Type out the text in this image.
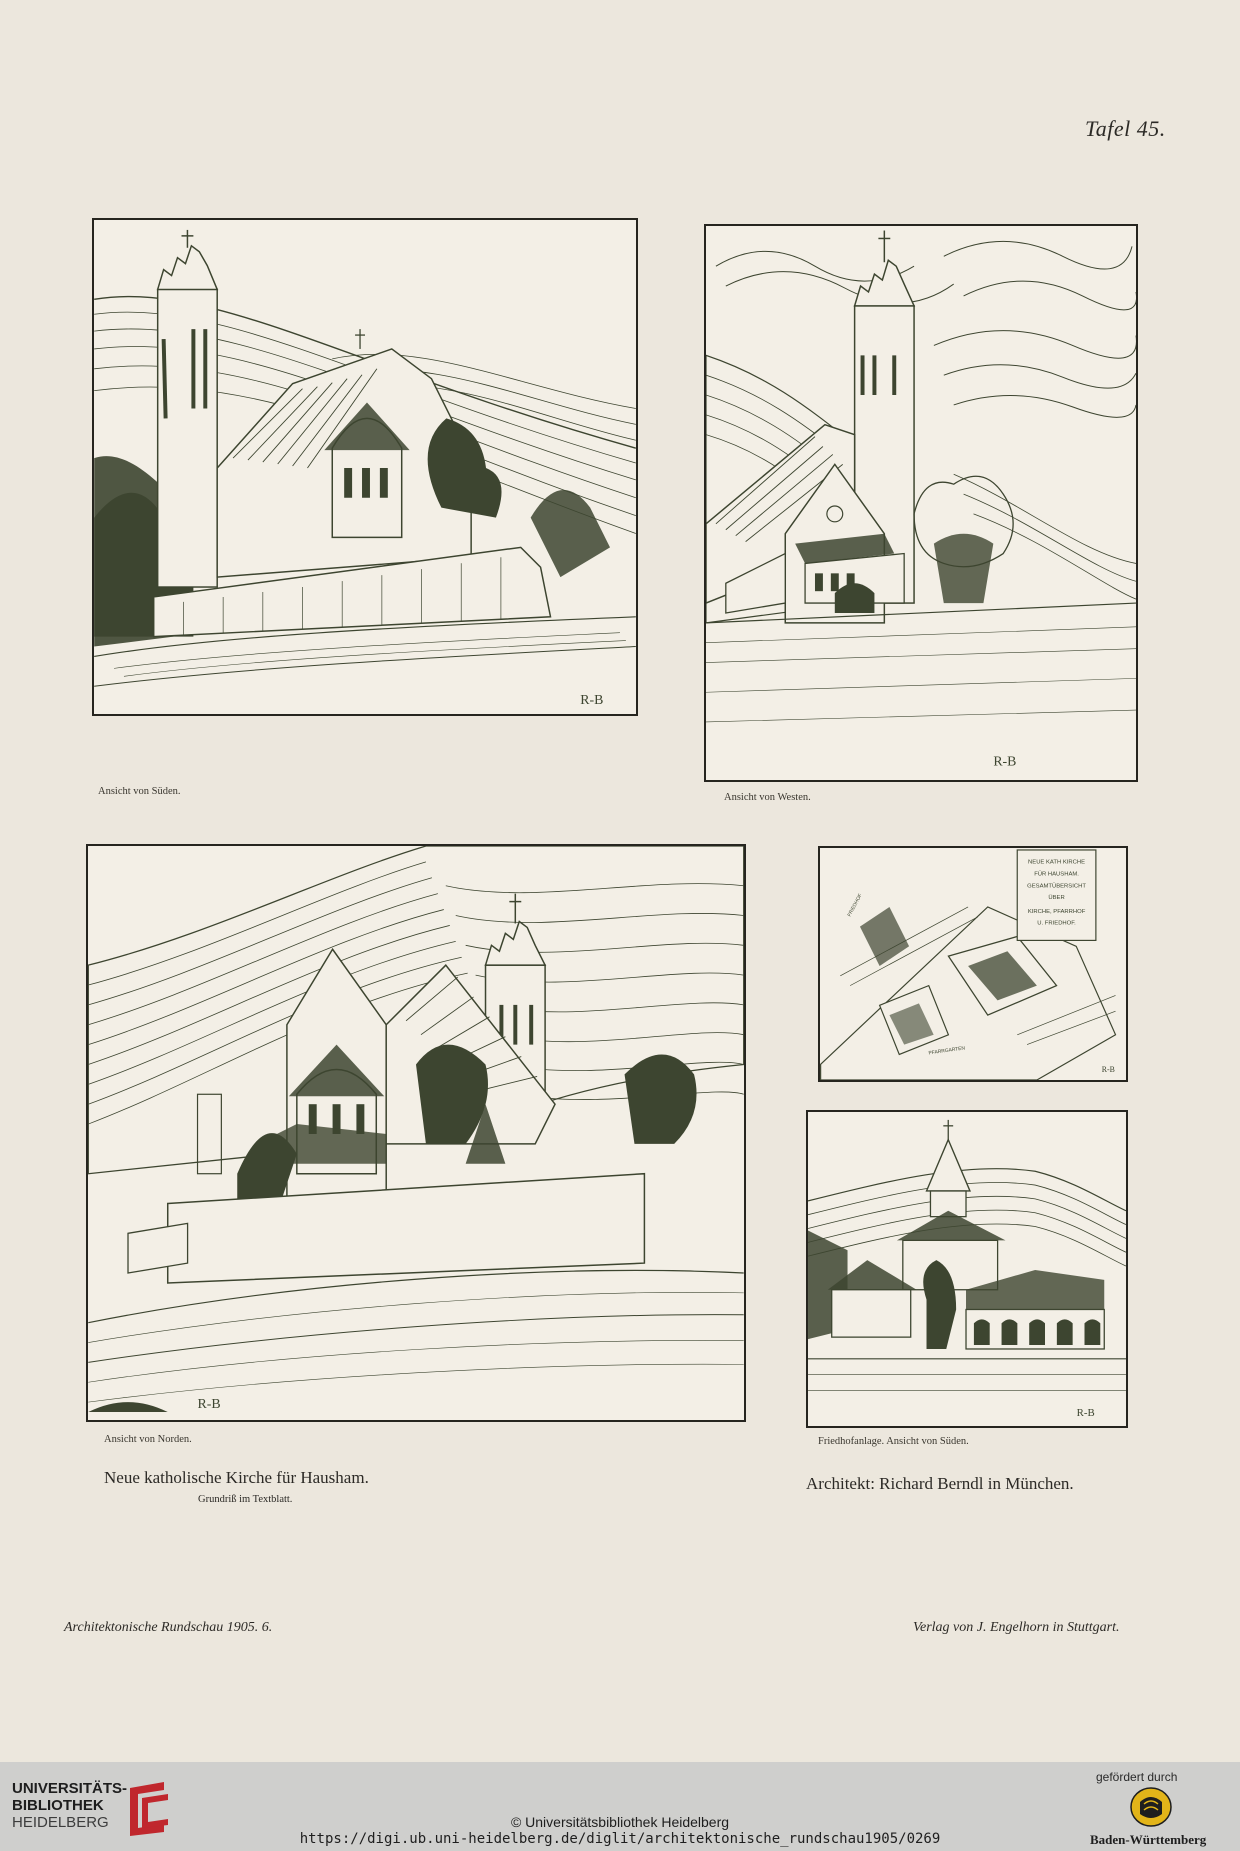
Tafel 45.
R-B
Ansicht von Süden.
R-B
Ansicht von Westen.
R-B
Ansicht von Norden.
FRIEDHOF
PFARRGARTEN
NEUE KATH KIRCHE
FÜR HAUSHAM.
GESAMTÜBERSICHT
ÜBER
KIRCHE, PFARRHOF
U. FRIEDHOF.
R-B
R-B
Friedhofanlage. Ansicht von Süden.
Neue katholische Kirche für Hausham.
Grundriß im Textblatt.
Architekt: Richard Berndl in München.
Architektonische Rundschau 1905. 6.	Verlag von J. Engelhorn in Stuttgart.
UNIVERSITÄTS-
BIBLIOTHEK
HEIDELBERG	© Universitätsbibliothek Heidelberg
https://digi.ub.uni-heidelberg.de/diglit/architektonische_rundschau1905/0269
gefördert durch
Baden-Württemberg
